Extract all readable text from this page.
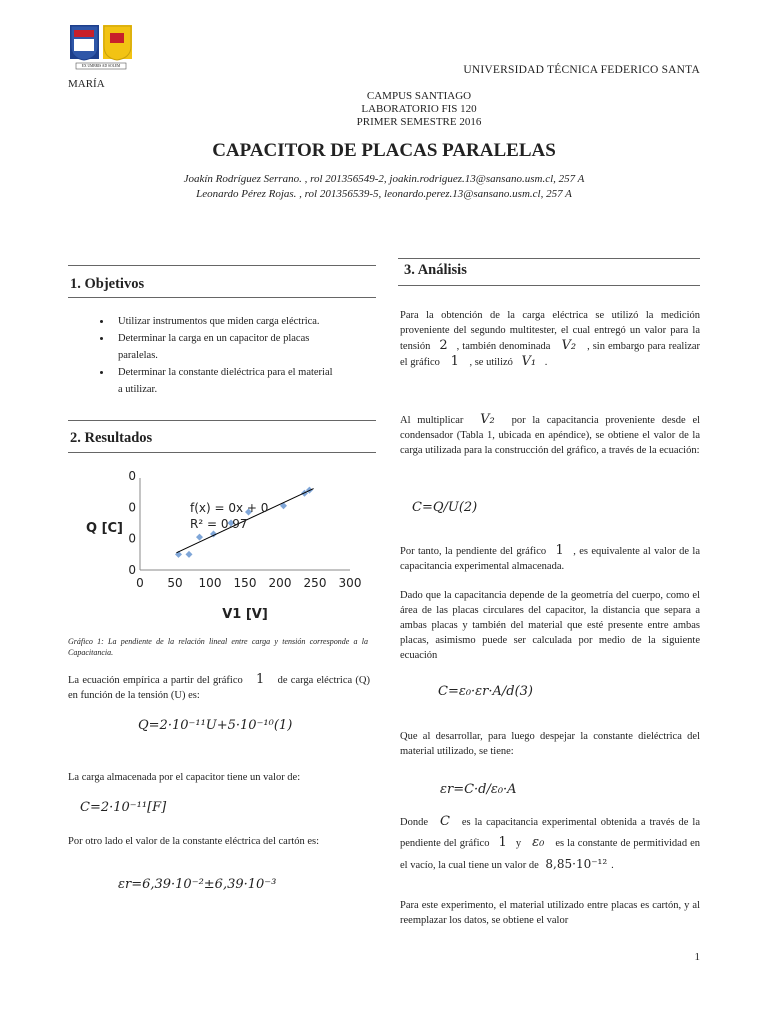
EX UMBRIS AD SOLEM
MARÍA
UNIVERSIDAD TÉCNICA FEDERICO SANTA
CAMPUS SANTIAGO
LABORATORIO FIS 120
PRIMER SEMESTRE 2016
CAPACITOR DE PLACAS PARALELAS
Joakín Rodríguez Serrano. , rol 201356549-2, joakin.rodriguez.13@sansano.usm.cl, 257 A
Leonardo Pérez Rojas. , rol 201356539-5, leonardo.perez.13@sansano.usm.cl, 257 A
1. Objetivos
• Utilizar instrumentos que miden carga eléctrica.
• Determinar la carga en un capacitor de placas paralelas.
• Determinar la constante dieléctrica para el material a utilizar.
2. Resultados
0 50 100 150 200 250 300
0
0
0
0
f(x) = 0x + 0
R² = 0.97
V1 [V]
Q [C]
Gráfico 1: La pendiente de la relación lineal entre carga y tensión corresponde a la Capacitancia.
La ecuación empírica a partir del gráfico 1 de carga eléctrica (Q) en función de la tensión (U) es:
Q=2·10⁻¹¹U+5·10⁻¹⁰(1)
La carga almacenada por el capacitor tiene un valor de:
C=2·10⁻¹¹[F]
Por otro lado el valor de la constante eléctrica del cartón es:
εr=6,39·10⁻²±6,39·10⁻³
3. Análisis
Para la obtención de la carga eléctrica se utilizó la medición proveniente del segundo multitester, el cual entregó un valor para la tensión 2 , también denominada V₂ , sin embargo para realizar el gráfico 1 , se utilizó V₁ .
Al multiplicar V₂ por la capacitancia proveniente desde el condensador (Tabla 1, ubicada en apéndice), se obtiene el valor de la carga utilizada para la construcción del gráfico, a través de la ecuación:
C=Q/U(2)
Por tanto, la pendiente del gráfico 1 , es equivalente al valor de la capacitancia experimental almacenada.
Dado que la capacitancia depende de la geometría del cuerpo, como el área de las placas circulares del capacitor, la distancia que separa a ambas placas y también del material que esté presente entre ambas placas, asimismo puede ser calculada por medio de la siguiente ecuación
C=ε₀·εr·A/d(3)
Que al desarrollar, para luego despejar la constante dieléctrica del material utilizado, se tiene:
εr=C·d/ε₀·A
Donde C es la capacitancia experimental obtenida a través de la pendiente del gráfico 1 y ε₀ es la constante de permitividad en el vacío, la cual tiene un valor de 8,85·10⁻¹² .
Para este experimento, el material utilizado entre placas es cartón, y al reemplazar los datos, se obtiene el valor
1
